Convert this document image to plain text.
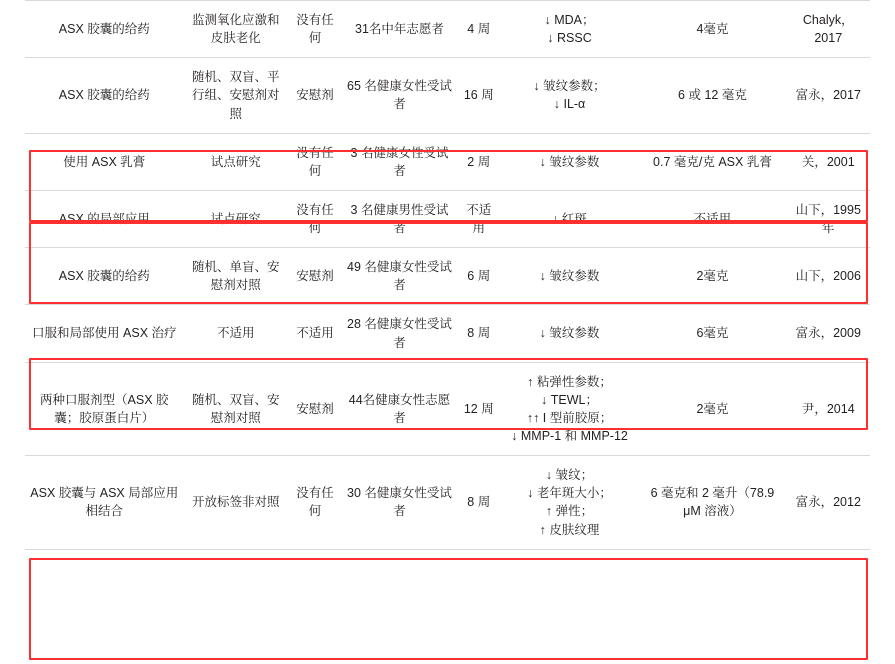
ASX 胶囊的给药	监测氧化应激和皮肤老化	没有任何	31名中年志愿者	4 周	↓ MDA；
↓ RSSC	4毫克	Chalyk，2017
ASX 胶囊的给药	随机、双盲、平行组、安慰剂对照	安慰剂	65 名健康女性受试者	16 周	↓ 皱纹参数；
↓ IL-α	6 或 12 毫克	富永，2017
使用 ASX 乳膏	试点研究	没有任何	3 名健康女性受试者	2 周	↓ 皱纹参数	0.7 毫克/克 ASX 乳膏	关，2001
ASX 的局部应用	试点研究	没有任何	3 名健康男性受试者	不适用	↓ 红斑	不适用	山下，1995年
ASX 胶囊的给药	随机、单盲、安慰剂对照	安慰剂	49 名健康女性受试者	6 周	↓ 皱纹参数	2毫克	山下，2006
口服和局部使用 ASX 治疗	不适用	不适用	28 名健康女性受试者	8 周	↓ 皱纹参数	6毫克	富永，2009
两种口服剂型（ASX 胶囊；胶原蛋白片）	随机、双盲、安慰剂对照	安慰剂	44名健康女性志愿者	12 周	↑ 粘弹性参数；
↓ TEWL；
↑↑ I 型前胶原；
↓ MMP-1 和 MMP-12	2毫克	尹，2014
ASX 胶囊与 ASX 局部应用相结合	开放标签非对照	没有任何	30 名健康女性受试者	8 周	↓ 皱纹；
↓ 老年斑大小；
↑ 弹性；
↑ 皮肤纹理	6 毫克和 2 毫升（78.9 μM 溶液）	富永，2012
